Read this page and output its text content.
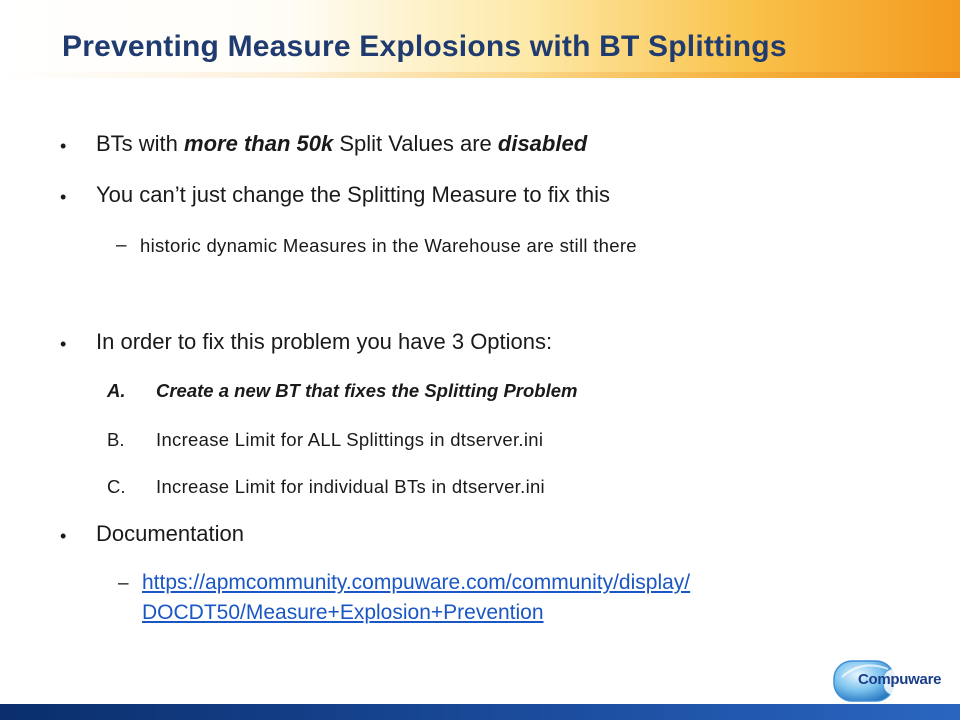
Preventing Measure Explosions with BT Splittings
• BTs with more than 50k Split Values are disabled
• You can’t just change the Splitting Measure to fix this
– historic dynamic Measures in the Warehouse are still there
• In order to fix this problem you have 3 Options:
A. Create a new BT that fixes the Splitting Problem
B. Increase Limit for ALL Splittings in dtserver.ini
C. Increase Limit for individual BTs in dtserver.ini
• Documentation
– https://apmcommunity.compuware.com/community/display/
DOCDT50/Measure+Explosion+Prevention
Compuware
